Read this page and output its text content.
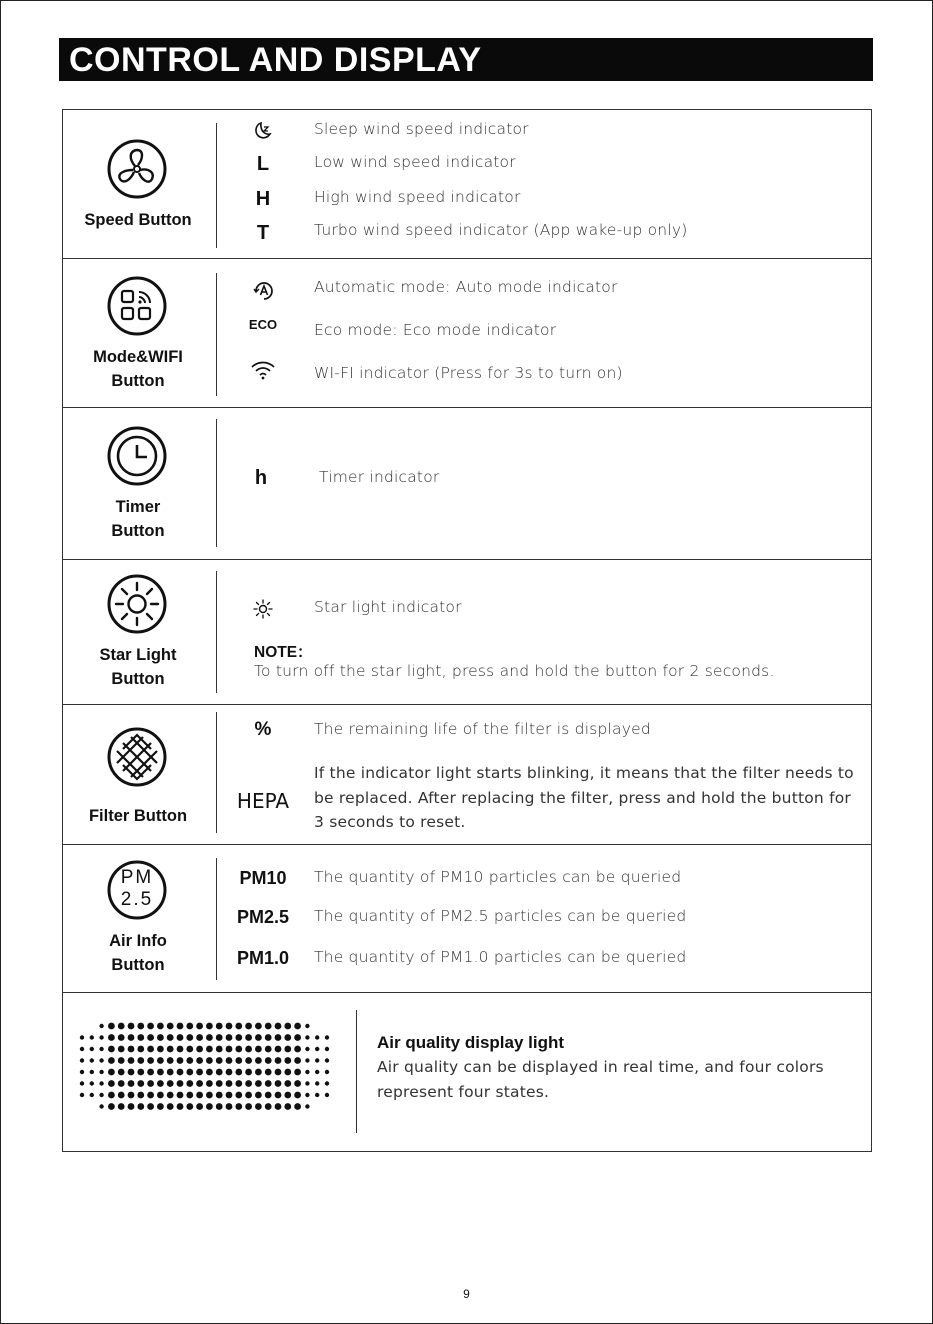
CONTROL AND DISPLAY
Speed Button
Sleep wind speed indicator
L	Low wind speed indicator
H	High wind speed indicator
T	Turbo wind speed indicator (App wake-up only)
Mode&WIFI
Button
Automatic mode: Auto mode indicator
ECO	Eco mode: Eco mode indicator
WI-FI indicator (Press for 3s to turn on)
Timer
Button
h	Timer indicator
Star Light
Button
Star light indicator
NOTE：
To turn off the star light, press and hold the button for 2 seconds.
Filter Button
%	The remaining life of the filter is displayed
HEPA
If the indicator light starts blinking, it means that the filter needs to be replaced. After replacing the filter, press and hold the button for 3 seconds to reset.
PM
2.5
Air Info
Button
PM10	The quantity of PM10 particles can be queried
PM2.5	The quantity of PM2.5 particles can be queried
PM1.0	The quantity of PM1.0 particles can be queried
Air quality display light
Air quality can be displayed in real time, and four colors represent four states.
9
